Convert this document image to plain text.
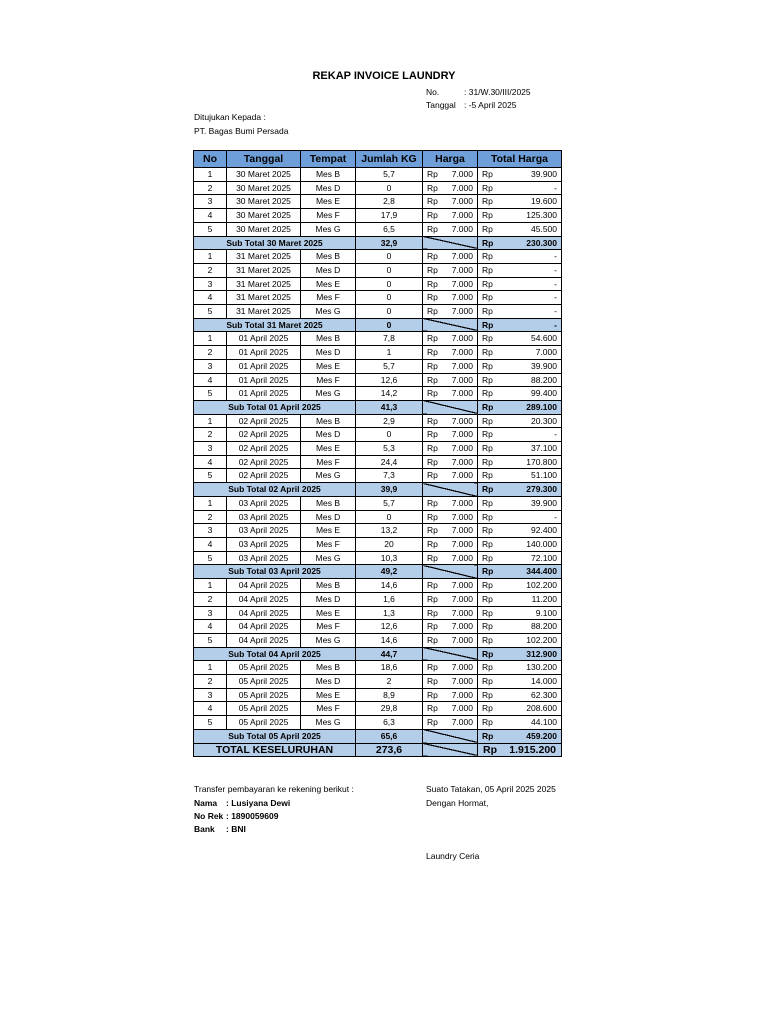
REKAP INVOICE LAUNDRY
No.	: 31/W.30/III/2025
Tanggal : -5 April 2025
Ditujukan Kepada :
PT. Bagas Bumi Persada
No	Tanggal	Tempat	Jumlah KG	Harga	Total Harga
1	30 Maret 2025	Mes B	5,7	Rp 7.000	Rp 39.900

2	30 Maret 2025	Mes D	0	Rp 7.000	Rp -

3	30 Maret 2025	Mes E	2,8	Rp 7.000	Rp 19.600

4	30 Maret 2025	Mes F	17,9	Rp 7.000	Rp 125.300

5	30 Maret 2025	Mes G	6,5	Rp 7.000	Rp 45.500

Sub Total 30 Maret 2025			32,9		Rp 230.300

1	31 Maret 2025	Mes B	0	Rp 7.000	Rp -

2	31 Maret 2025	Mes D	0	Rp 7.000	Rp -

3	31 Maret 2025	Mes E	0	Rp 7.000	Rp -

4	31 Maret 2025	Mes F	0	Rp 7.000	Rp -

5	31 Maret 2025	Mes G	0	Rp 7.000	Rp -

Sub Total 31 Maret 2025			0		Rp -

1	01 April 2025	Mes B	7,8	Rp 7.000	Rp 54.600

2	01 April 2025	Mes D	1	Rp 7.000	Rp 7.000

3	01 April 2025	Mes E	5,7	Rp 7.000	Rp 39.900

4	01 April 2025	Mes F	12,6	Rp 7.000	Rp 88.200

5	01 April 2025	Mes G	14,2	Rp 7.000	Rp 99.400

Sub Total 01 April 2025			41,3		Rp 289.100

1	02 April 2025	Mes B	2,9	Rp 7.000	Rp 20.300

2	02 April 2025	Mes D	0	Rp 7.000	Rp -

3	02 April 2025	Mes E	5,3	Rp 7.000	Rp 37.100

4	02 April 2025	Mes F	24,4	Rp 7.000	Rp 170.800

5	02 April 2025	Mes G	7,3	Rp 7.000	Rp 51.100

Sub Total 02 April 2025			39,9		Rp 279.300

1	03 April 2025	Mes B	5,7	Rp 7.000	Rp 39.900

2	03 April 2025	Mes D	0	Rp 7.000	Rp -

3	03 April 2025	Mes E	13,2	Rp 7.000	Rp 92.400

4	03 April 2025	Mes F	20	Rp 7.000	Rp 140.000

5	03 April 2025	Mes G	10,3	Rp 7.000	Rp 72.100

Sub Total 03 April 2025			49,2		Rp 344.400

1	04 April 2025	Mes B	14,6	Rp 7.000	Rp 102.200

2	04 April 2025	Mes D	1,6	Rp 7.000	Rp 11.200

3	04 April 2025	Mes E	1,3	Rp 7.000	Rp 9.100

4	04 April 2025	Mes F	12,6	Rp 7.000	Rp 88.200

5	04 April 2025	Mes G	14,6	Rp 7.000	Rp 102.200

Sub Total 04 April 2025			44,7		Rp 312.900

1	05 April 2025	Mes B	18,6	Rp 7.000	Rp 130.200

2	05 April 2025	Mes D	2	Rp 7.000	Rp 14.000

3	05 April 2025	Mes E	8,9	Rp 7.000	Rp 62.300

4	05 April 2025	Mes F	29,8	Rp 7.000	Rp 208.600

5	05 April 2025	Mes G	6,3	Rp 7.000	Rp 44.100

Sub Total 05 April 2025			65,6		Rp 459.200

TOTAL KESELURUHAN			273,6		Rp 1.915.200
Transfer pembayaran ke rekening berikut :
Nama : Lusiyana Dewi
No Rek : 1890059609
Bank : BNI
Suato Tatakan, 05 April 2025 2025
Dengan Hormat,
Laundry Ceria
